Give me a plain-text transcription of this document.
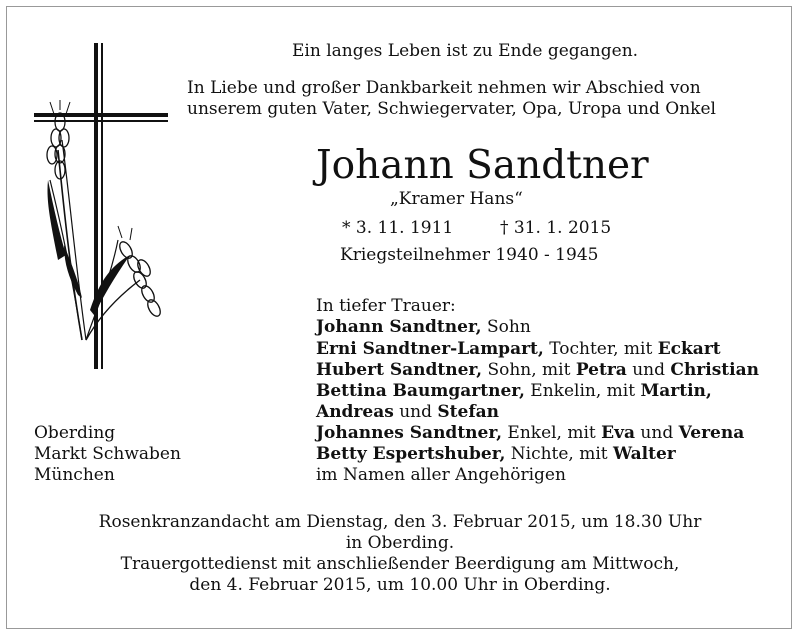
Ein langes Leben ist zu Ende gegangen.
In Liebe und großer Dankbarkeit nehmen wir Abschied von
unserem guten Vater, Schwiegervater, Opa, Uropa und Onkel
Johann Sandtner
„Kramer Hans“
* 3. 11. 1911	† 31. 1. 2015
Kriegsteilnehmer 1940 - 1945
In tiefer Trauer:
Johann Sandtner, Sohn
Erni Sandtner-Lampart, Tochter, mit Eckart
Hubert Sandtner, Sohn, mit Petra und Christian
Bettina Baumgartner, Enkelin, mit Martin,
Andreas und Stefan
Johannes Sandtner, Enkel, mit Eva und Verena
Betty Espertshuber, Nichte, mit Walter
im Namen aller Angehörigen
Oberding
Markt Schwaben
München
Rosenkranzandacht am Dienstag, den 3. Februar 2015, um 18.30 Uhr
in Oberding.
Trauergottedienst mit anschließender Beerdigung am Mittwoch,
den 4. Februar 2015, um 10.00 Uhr in Oberding.
